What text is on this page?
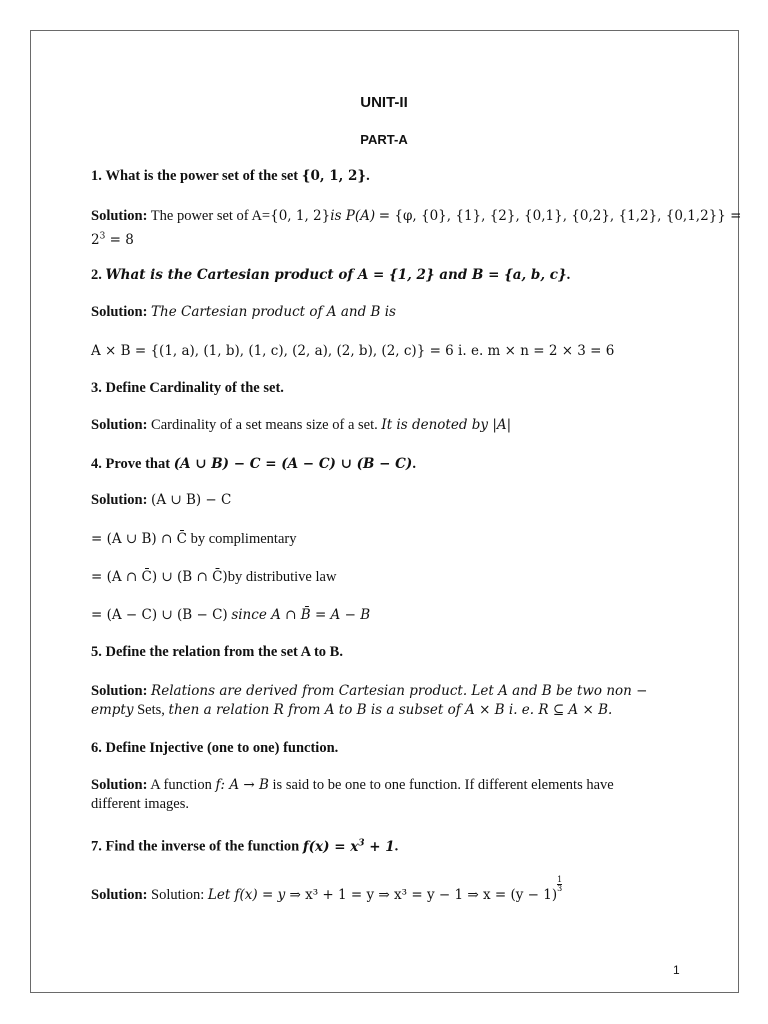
UNIT-II
PART-A
1. What is the power set of the set {0, 1, 2}.
Solution: The power set of A={0, 1, 2}is P(A) = {φ, {0}, {1}, {2}, {0,1}, {0,2}, {1,2}, {0,1,2}} =
$2^3 = 8$
2. What is the Cartesian product of A = {1, 2} and B = {a, b, c}.
Solution: The Cartesian product of A and B is
A × B = {(1, a), (1, b), (1, c), (2, a), (2, b), (2, c)} = 6 i. e. m × n = 2 × 3 = 6
3. Define Cardinality of the set.
Solution: Cardinality of a set means size of a set. It is denoted by |A|
4. Prove that (A ∪ B) − C = (A − C) ∪ (B − C).
Solution: (A ∪ B) − C
= (A ∪ B) ∩ C̄ by complimentary
= (A ∩ C̄) ∪ (B ∩ C̄)by distributive law
= (A − C) ∪ (B − C) since A ∩ B̄ = A − B
5. Define the relation from the set A to B.
Solution: Relations are derived from Cartesian product. Let A and B be two non −
empty Sets, then a relation R from A to B is a subset of A × B i. e. R ⊆ A × B.
6. Define Injective (one to one) function.
Solution: A function f: A → B is said to be one to one function. If different elements have
different images.
7. Find the inverse of the function $f(x) = x^3 + 1$.
Solution: Solution: Let f(x) = y ⇒ x³ + 1 = y ⇒ x³ = y − 1 ⇒ x = (y − 1)
$\frac{1}{3}$
1
